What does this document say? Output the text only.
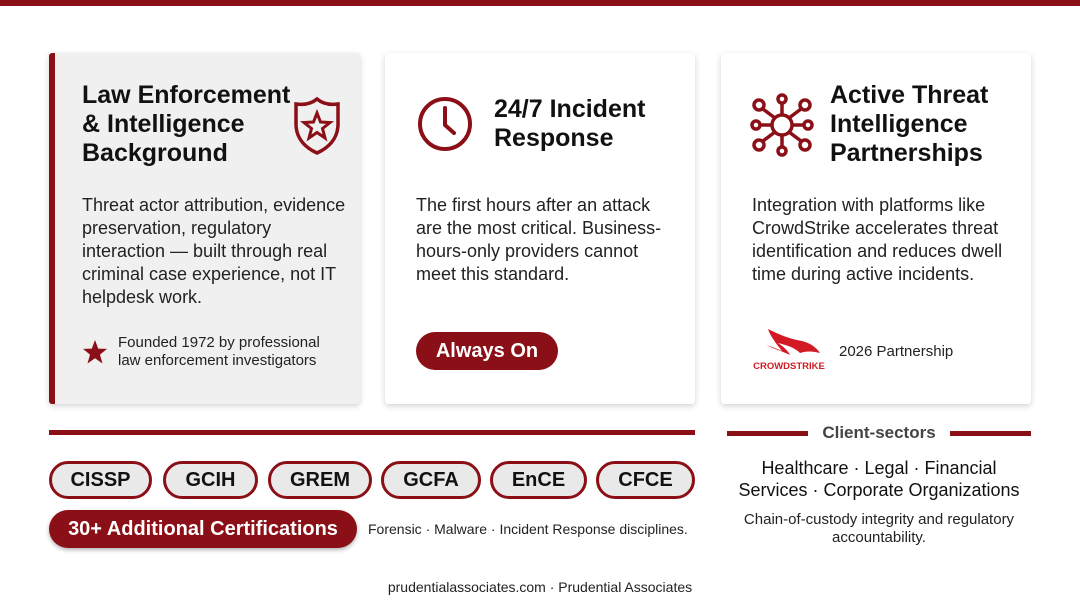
Law Enforcement & Intelligence Background
Threat actor attribution, evidence preservation, regulatory interaction — built through real criminal case experience, not IT helpdesk work.
Founded 1972 by professional law enforcement investigators
24/7 Incident Response
The first hours after an attack are the most critical. Business-hours-only providers cannot meet this standard.
Always On
Active Threat Intelligence Partnerships
Integration with platforms like CrowdStrike accelerates threat identification and reduces dwell time during active incidents.
CROWDSTRIKE
2026 Partnership
Client-sectors
CISSP	GCIH	GREM	GCFA	EnCE	CFCE
30+ Additional Certifications	Forensic · Malware · Incident Response disciplines.
Healthcare · Legal · Financial Services · Corporate Organizations
Chain-of-custody integrity and regulatory accountability.
prudentialassociates.com · Prudential Associates
